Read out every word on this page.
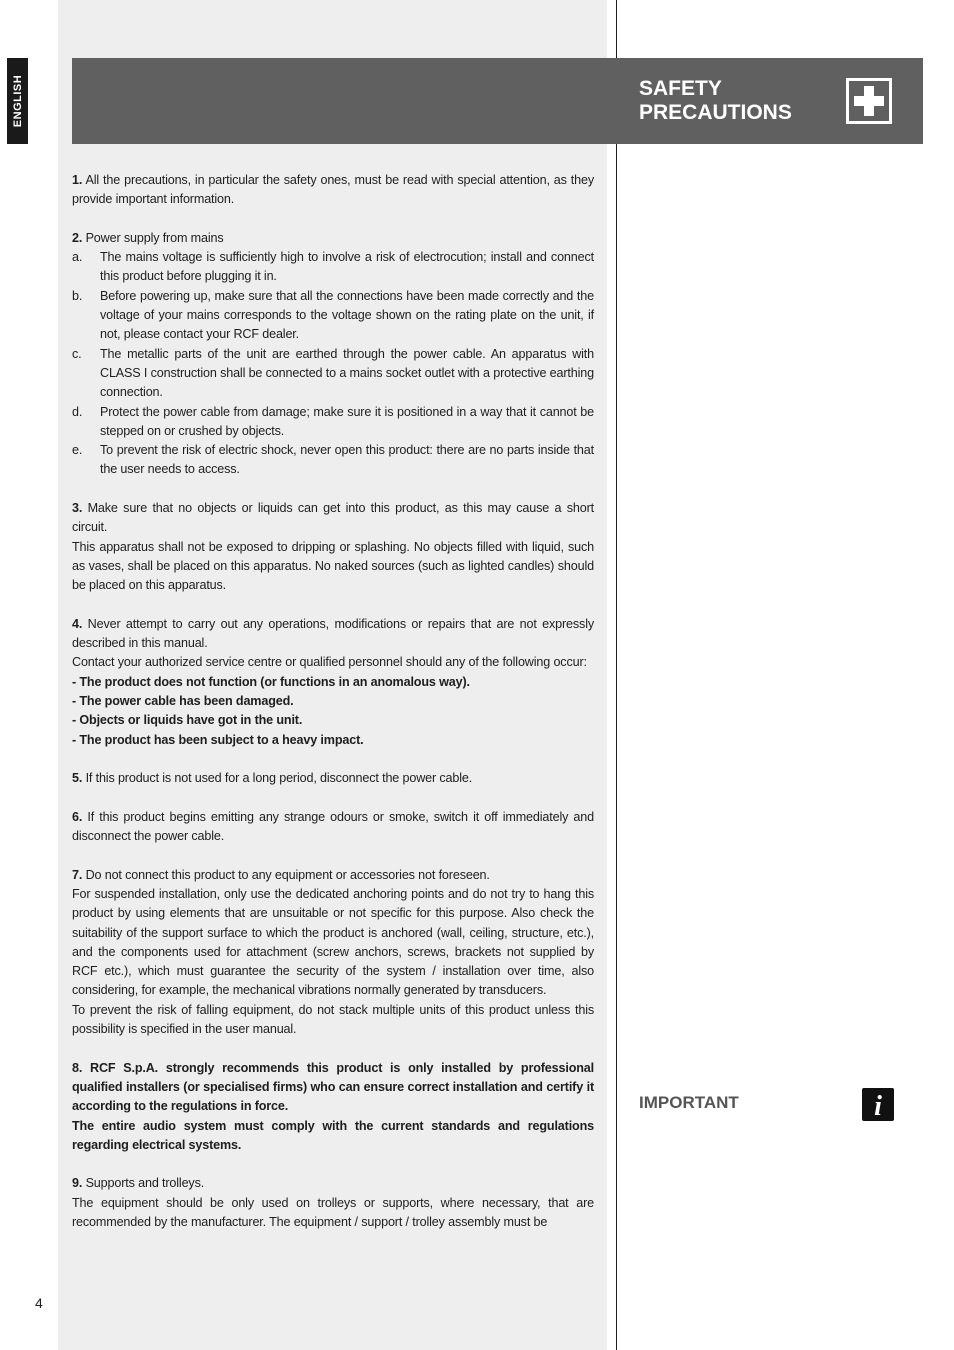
ENGLISH	SAFETY
PRECAUTIONS

1. All the precautions, in particular the safety ones, must be read with special attention, as they provide important information.

2. Power supply from mains

a.	The mains voltage is sufficiently high to involve a risk of electrocution; install and connect this product before plugging it in.
b.	Before powering up, make sure that all the connections have been made correctly and the voltage of your mains corresponds to the voltage shown on the rating plate on the unit, if not, please contact your RCF dealer.
c.	The metallic parts of the unit are earthed through the power cable. An apparatus with CLASS I construction shall be connected to a mains socket outlet with a protective earthing connection.
d.	Protect the power cable from damage; make sure it is positioned in a way that it cannot be stepped on or crushed by objects.
e.	To prevent the risk of electric shock, never open this product: there are no parts inside that the user needs to access.

3. Make sure that no objects or liquids can get into this product, as this may cause a short circuit.

This apparatus shall not be exposed to dripping or splashing. No objects filled with liquid, such as vases, shall be placed on this apparatus. No naked sources (such as lighted candles) should be placed on this apparatus.

4. Never attempt to carry out any operations, modifications or repairs that are not expressly described in this manual.

Contact your authorized service centre or qualified personnel should any of the following occur:

- The product does not function (or functions in an anomalous way).

- The power cable has been damaged.

- Objects or liquids have got in the unit.

- The product has been subject to a heavy impact.

5. If this product is not used for a long period, disconnect the power cable.

6. If this product begins emitting any strange odours or smoke, switch it off immediately and disconnect the power cable.

7. Do not connect this product to any equipment or accessories not foreseen.

For suspended installation, only use the dedicated anchoring points and do not try to hang this product by using elements that are unsuitable or not specific for this purpose. Also check the suitability of the support surface to which the product is anchored (wall, ceiling, structure, etc.), and the components used for attachment (screw anchors, screws, brackets not supplied by RCF etc.), which must guarantee the security of the system / installation over time, also considering, for example, the mechanical vibrations normally generated by transducers.

To prevent the risk of falling equipment, do not stack multiple units of this product unless this possibility is specified in the user manual.

8. RCF S.p.A. strongly recommends this product is only installed by professional qualified installers (or specialised firms) who can ensure correct installation and certify it according to the regulations in force.

The entire audio system must comply with the current standards and regulations regarding electrical systems.

9. Supports and trolleys.

The equipment should be only used on trolleys or supports, where necessary, that are recommended by the manufacturer. The equipment / support / trolley assembly must be

IMPORTANT	i
4
